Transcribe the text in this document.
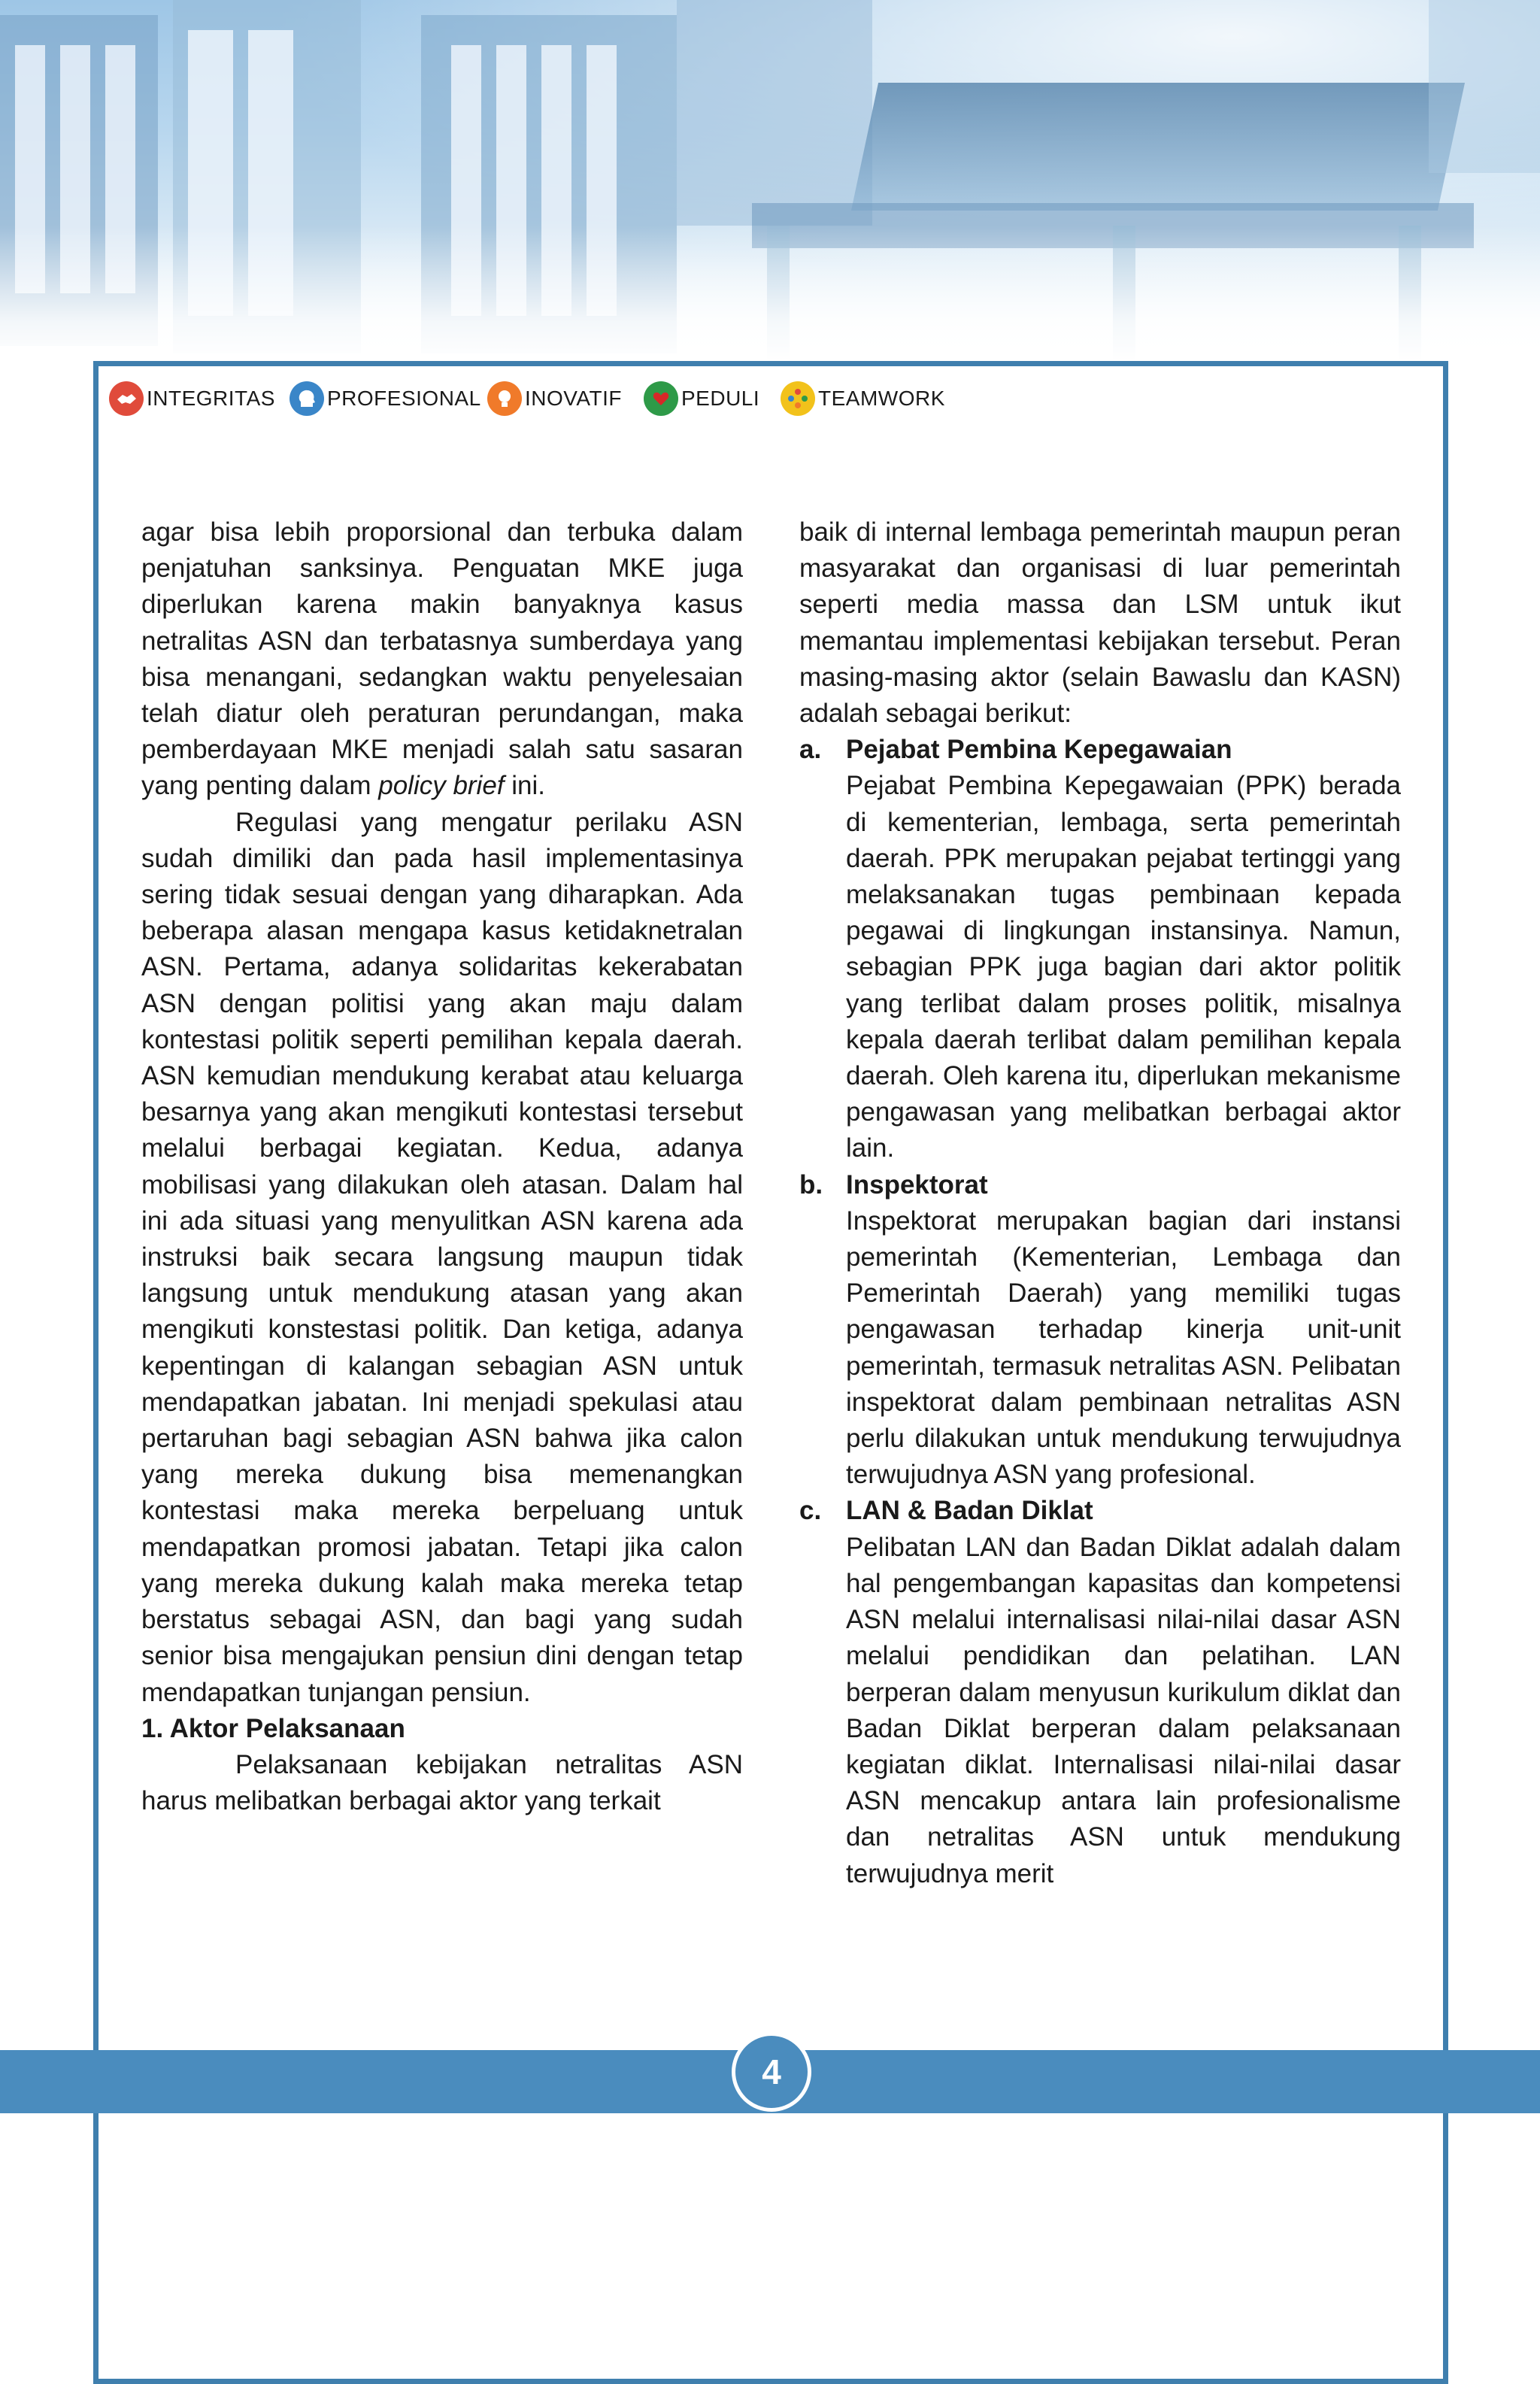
INTEGRITAS PROFESIONAL INOVATIF	PEDULI	TEAMWORK

agar bisa lebih proporsional dan terbuka dalam penjatuhan sanksinya. Penguatan MKE juga diperlukan karena makin banyaknya kasus netralitas ASN dan terbatasnya sumberdaya yang bisa menangani, sedangkan waktu penyelesaian telah diatur oleh peraturan perundangan, maka pemberdayaan MKE menjadi salah satu sasaran yang penting dalam policy brief ini.

Regulasi yang mengatur perilaku ASN sudah dimiliki dan pada hasil implementasinya sering tidak sesuai dengan yang diharapkan. Ada beberapa alasan mengapa kasus ketidaknetralan ASN. Pertama, adanya solidaritas kekerabatan ASN dengan politisi yang akan maju dalam kontestasi politik seperti pemilihan kepala daerah. ASN kemudian mendukung kerabat atau keluarga besarnya yang akan mengikuti kontestasi tersebut melalui berbagai kegiatan. Kedua, adanya mobilisasi yang dilakukan oleh atasan. Dalam hal ini ada situasi yang menyulitkan ASN karena ada instruksi baik secara langsung maupun tidak langsung untuk mendukung atasan yang akan mengikuti konstestasi politik. Dan ketiga, adanya kepentingan di kalangan sebagian ASN untuk mendapatkan jabatan. Ini menjadi spekulasi atau pertaruhan bagi sebagian ASN bahwa jika calon yang mereka dukung bisa memenangkan kontestasi maka mereka berpeluang untuk mendapatkan promosi jabatan. Tetapi jika calon yang mereka dukung kalah maka mereka tetap berstatus sebagai ASN, dan bagi yang sudah senior bisa mengajukan pensiun dini dengan tetap mendapatkan tunjangan pensiun.

1. Aktor Pelaksanaan

Pelaksanaan kebijakan netralitas ASN harus melibatkan berbagai aktor yang terkait

baik di internal lembaga pemerintah maupun peran masyarakat dan organisasi di luar pemerintah seperti media massa dan LSM untuk ikut memantau implementasi kebijakan tersebut. Peran masing-masing aktor (selain Bawaslu dan KASN) adalah sebagai berikut:

a. Pejabat Pembina Kepegawaian
Pejabat Pembina Kepegawaian (PPK) berada di kementerian, lembaga, serta pemerintah daerah. PPK merupakan pejabat tertinggi yang melaksanakan tugas pembinaan kepada pegawai di lingkungan instansinya. Namun, sebagian PPK juga bagian dari aktor politik yang terlibat dalam proses politik, misalnya kepala daerah terlibat dalam pemilihan kepala daerah. Oleh karena itu, diperlukan mekanisme pengawasan yang melibatkan berbagai aktor lain.
b. Inspektorat
Inspektorat merupakan bagian dari instansi pemerintah (Kementerian, Lembaga dan Pemerintah Daerah) yang memiliki tugas pengawasan terhadap kinerja unit-unit pemerintah, termasuk netralitas ASN. Pelibatan inspektorat dalam pembinaan netralitas ASN perlu dilakukan untuk mendukung terwujudnya terwujudnya ASN yang profesional.
c. LAN & Badan Diklat
Pelibatan LAN dan Badan Diklat adalah dalam hal pengembangan kapasitas dan kompetensi ASN melalui internalisasi nilai-nilai dasar ASN melalui pendidikan dan pelatihan. LAN berperan dalam menyusun kurikulum diklat dan Badan Diklat berperan dalam pelaksanaan kegiatan diklat. Internalisasi nilai-nilai dasar ASN mencakup antara lain profesionalisme dan netralitas ASN untuk mendukung terwujudnya merit
4
